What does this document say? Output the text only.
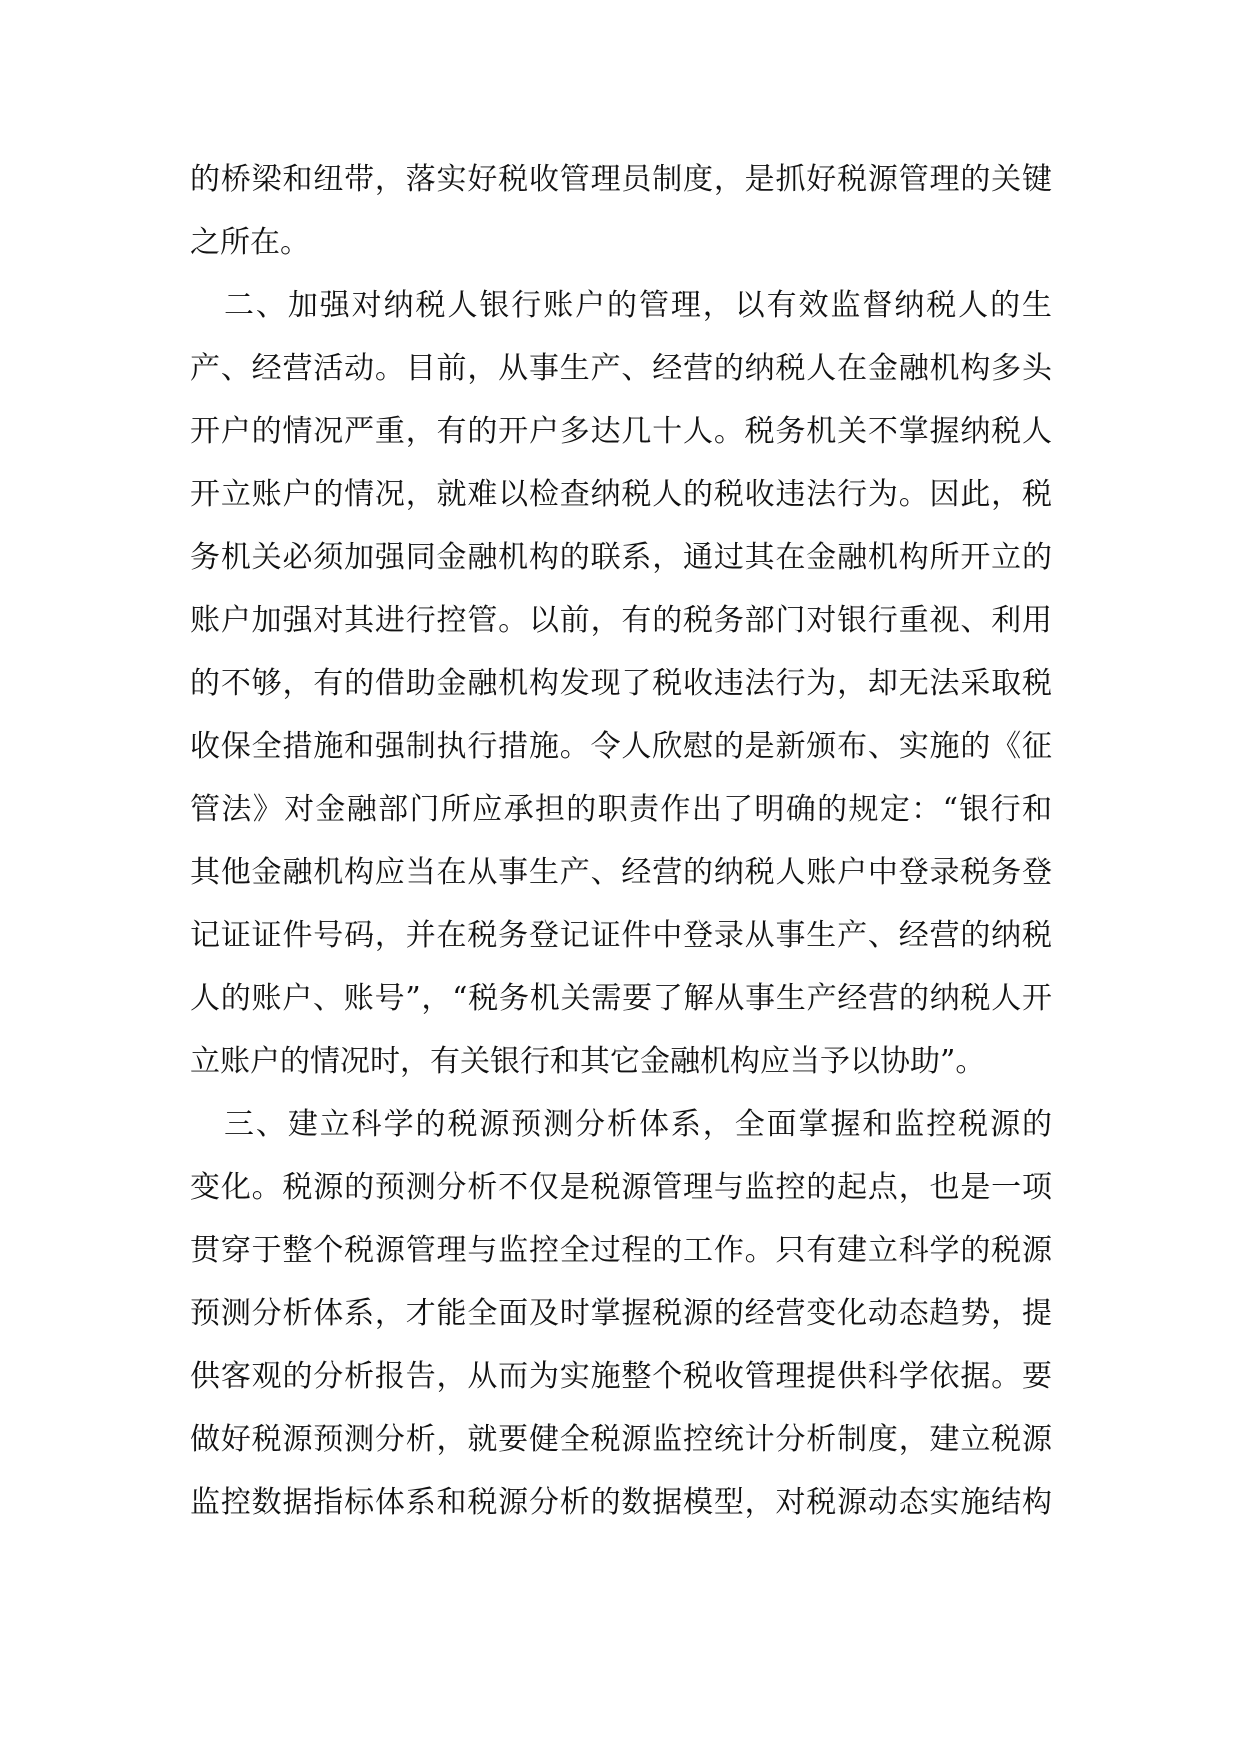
的桥梁和纽带，落实好税收管理员制度，是抓好税源管理的关键
之所在。
二、加强对纳税人银行账户的管理，以有效监督纳税人的生
产、经营活动。目前，从事生产、经营的纳税人在金融机构多头
开户的情况严重，有的开户多达几十人。税务机关不掌握纳税人
开立账户的情况，就难以检查纳税人的税收违法行为。因此，税
务机关必须加强同金融机构的联系，通过其在金融机构所开立的
账户加强对其进行控管。以前，有的税务部门对银行重视、利用
的不够，有的借助金融机构发现了税收违法行为，却无法采取税
收保全措施和强制执行措施。令人欣慰的是新颁布、实施的《征
管法》对金融部门所应承担的职责作出了明确的规定：“银行和
其他金融机构应当在从事生产、经营的纳税人账户中登录税务登
记证证件号码，并在税务登记证件中登录从事生产、经营的纳税
人的账户、账号”，“税务机关需要了解从事生产经营的纳税人开
立账户的情况时，有关银行和其它金融机构应当予以协助”。
三、建立科学的税源预测分析体系，全面掌握和监控税源的
变化。税源的预测分析不仅是税源管理与监控的起点，也是一项
贯穿于整个税源管理与监控全过程的工作。只有建立科学的税源
预测分析体系，才能全面及时掌握税源的经营变化动态趋势，提
供客观的分析报告，从而为实施整个税收管理提供科学依据。要
做好税源预测分析，就要健全税源监控统计分析制度，建立税源
监控数据指标体系和税源分析的数据模型，对税源动态实施结构
